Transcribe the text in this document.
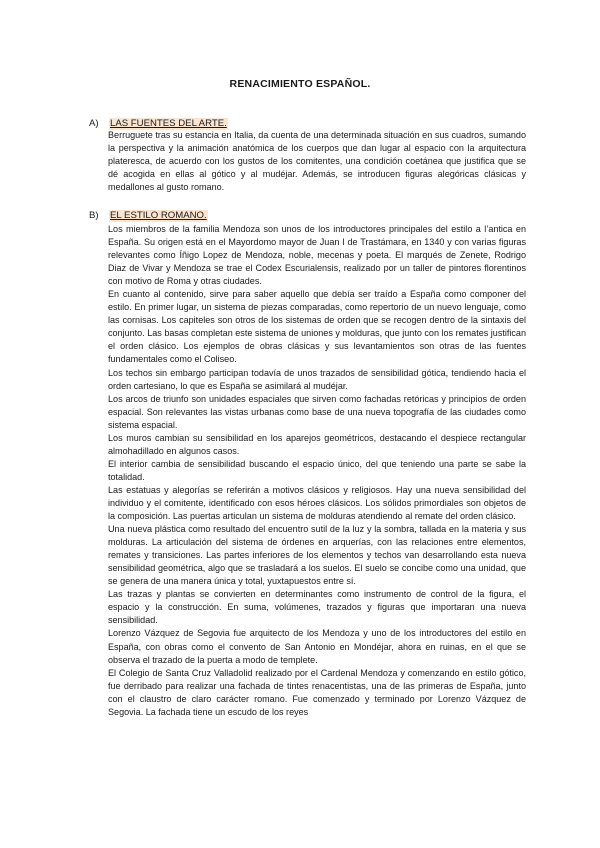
RENACIMIENTO ESPAÑOL.
A)	LAS FUENTES DEL ARTE.

Berruguete tras su estancia en Italia, da cuenta de una determinada situación en sus cuadros, sumando la perspectiva y la animación anatómica de los cuerpos que dan lugar al espacio con la arquitectura plateresca, de acuerdo con los gustos de los comitentes, una condición coetánea que justifica que se dé acogida en ellas al gótico y al mudéjar. Además, se introducen figuras alegóricas clásicas y medallones al gusto romano.

B)	EL ESTILO ROMANO.

Los miembros de la familia Mendoza son unos de los introductores principales del estilo a l’antica en España. Su origen está en el Mayordomo mayor de Juan I de Trastámara, en 1340 y con varias figuras relevantes como Íñigo Lopez de Mendoza, noble, mecenas y poeta. El marqués de Zenete, Rodrigo Diaz de Vivar y Mendoza se trae el Codex Escurialensis, realizado por un taller de pintores florentinos con motivo de Roma y otras ciudades.

En cuanto al contenido, sirve para saber aquello que debía ser traído a España como componer del estilo. En primer lugar, un sistema de piezas comparadas, como repertorio de un nuevo lenguaje, como las cornisas. Los capiteles son otros de los sistemas de orden que se recogen dentro de la sintaxis del conjunto. Las basas completan este sistema de uniones y molduras, que junto con los remates justifican el orden clásico. Los ejemplos de obras clásicas y sus levantamientos son otras de las fuentes fundamentales como el Coliseo.

Los techos sin embargo participan todavía de unos trazados de sensibilidad gótica, tendiendo hacia el orden cartesiano, lo que es España se asimilará al mudéjar.

Los arcos de triunfo son unidades espaciales que sirven como fachadas retóricas y principios de orden espacial. Son relevantes las vistas urbanas como base de una nueva topografía de las ciudades como sistema espacial.

Los muros cambian su sensibilidad en los aparejos geométricos, destacando el despiece rectangular almohadillado en algunos casos.

El interior cambia de sensibilidad buscando el espacio único, del que teniendo una parte se sabe la totalidad.

Las estatuas y alegorías se referirán a motivos clásicos y religiosos. Hay una nueva sensibilidad del individuo y el comitente, identificado con esos héroes clásicos. Los sólidos primordiales son objetos de la composición. Las puertas articulan un sistema de molduras atendiendo al remate del orden clásico.

Una nueva plástica como resultado del encuentro sutil de la luz y la sombra, tallada en la materia y sus molduras. La articulación del sistema de órdenes en arquerías, con las relaciones entre elementos, remates y transiciones. Las partes inferiores de los elementos y techos van desarrollando esta nueva sensibilidad geométrica, algo que se trasladará a los suelos. El suelo se concibe como una unidad, que se genera de una manera única y total, yuxtapuestos entre sí.

Las trazas y plantas se convierten en determinantes como instrumento de control de la figura, el espacio y la construcción. En suma, volúmenes, trazados y figuras que importaran una nueva sensibilidad.

Lorenzo Vázquez de Segovia fue arquitecto de los Mendoza y uno de los introductores del estilo en España, con obras como el convento de San Antonio en Mondéjar, ahora en ruinas, en el que se observa el trazado de la puerta a modo de templete.

El Colegio de Santa Cruz Valladolid realizado por el Cardenal Mendoza y comenzando en estilo gótico, fue derribado para realizar una fachada de tintes renacentistas, una de las primeras de España, junto con el claustro de claro carácter romano. Fue comenzado y terminado por Lorenzo Vázquez de Segovia. La fachada tiene un escudo de los reyes
